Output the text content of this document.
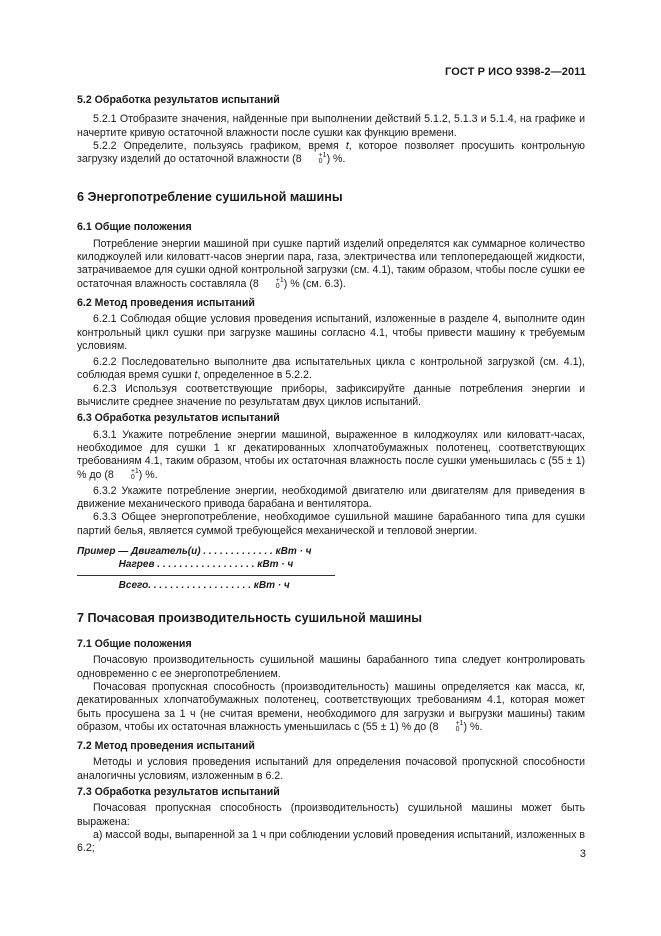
ГОСТ Р ИСО 9398-2—2011

5.2 Обработка результатов испытаний

5.2.1 Отобразите значения, найденные при выполнении действий 5.1.2, 5.1.3 и 5.1.4, на графике и начертите кривую остаточной влажности после сушки как функцию времени.

5.2.2 Определите, пользуясь графиком, время t, которое позволяет просушить контрольную загрузку изделий до остаточной влажности (8	+1
0 ) %.

6 Энергопотребление сушильной машины

6.1 Общие положения

Потребление энергии машиной при сушке партий изделий определятся как суммарное количество килоджоулей или киловатт-часов энергии пара, газа, электричества или теплопередающей жидкости, затрачиваемое для сушки одной контрольной загрузки (см. 4.1), таким образом, чтобы после сушки ее остаточная влажность составляла (8	+1
0 ) % (см. 6.3).

6.2 Метод проведения испытаний

6.2.1 Соблюдая общие условия проведения испытаний, изложенные в разделе 4, выполните один контрольный цикл сушки при загрузке машины согласно 4.1, чтобы привести машину к требуемым условиям.

6.2.2 Последовательно выполните два испытательных цикла с контрольной загрузкой (см. 4.1), соблюдая время сушки t, определенное в 5.2.2.

6.2.3 Используя соответствующие приборы, зафиксируйте данные потребления энергии и вычислите среднее значение по результатам двух циклов испытаний.

6.3 Обработка результатов испытаний

6.3.1 Укажите потребление энергии машиной, выраженное в килоджоулях или киловатт-часах, необходимое для сушки 1 кг декатированных хлопчатобумажных полотенец, соответствующих требованиям 4.1, таким образом, чтобы их остаточная влажность после сушки уменьшилась с (55 ± 1) % до (8	+1
0 ) %.

6.3.2 Укажите потребление энергии, необходимой двигателю или двигателям для приведения в движение механического привода барабана и вентилятора.

6.3.3 Общее энергопотребление, необходимое сушильной машине барабанного типа для сушки партий белья, является суммой требующейся механической и тепловой энергии.

Пример — Двигатель(и) . . . . . . . . . . . . . кВт · ч
Нагрев . . . . . . . . . . . . . . . . . . кВт · ч
Всего. . . . . . . . . . . . . . . . . . . кВт · ч

7 Почасовая производительность сушильной машины

7.1 Общие положения

Почасовую производительность сушильной машины барабанного типа следует контролировать одновременно с ее энергопотреблением.

Почасовая пропускная способность (производительность) машины определяется как масса, кг, декатированных хлопчатобумажных полотенец, соответствующих требованиям 4.1, которая может быть просушена за 1 ч (не считая времени, необходимого для загрузки и выгрузки машины) таким образом, чтобы их остаточная влажность уменьшилась с (55 ± 1) % до (8	+1
0 ) %.

7.2 Метод проведения испытаний

Методы и условия проведения испытаний для определения почасовой пропускной способности аналогичны условиям, изложенным в 6.2.

7.3 Обработка результатов испытаний

Почасовая пропускная способность (производительность) сушильной машины может быть выражена:

а) массой воды, выпаренной за 1 ч при соблюдении условий проведения испытаний, изложенных в 6.2;	3
